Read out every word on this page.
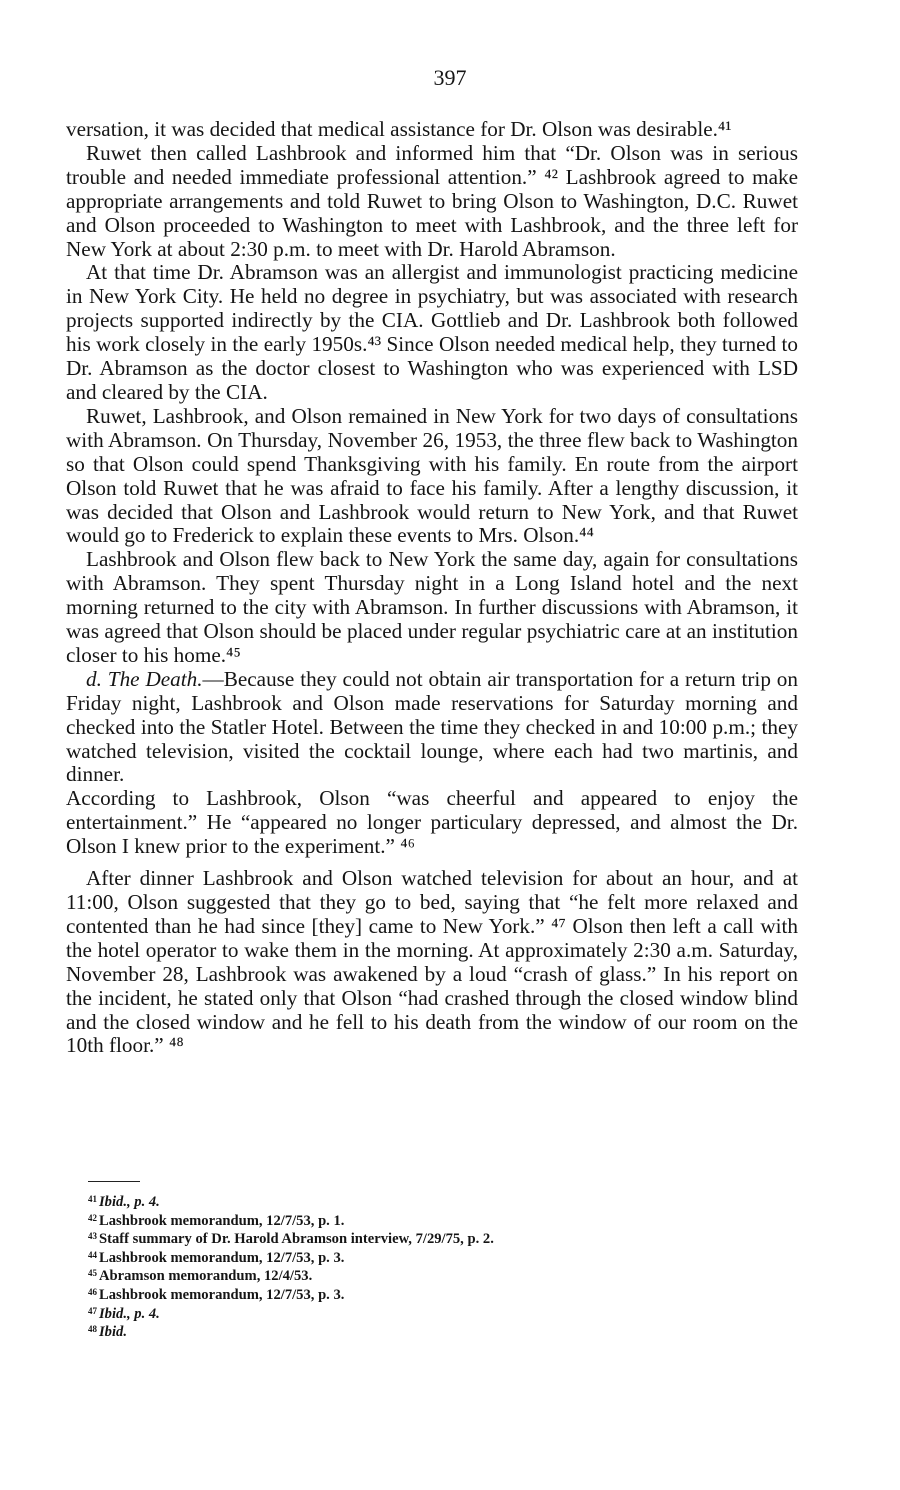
397

versation, it was decided that medical assistance for Dr. Olson was desirable.⁴¹

Ruwet then called Lashbrook and informed him that “Dr. Olson was in serious trouble and needed immediate professional attention.” ⁴² Lashbrook agreed to make appropriate arrangements and told Ruwet to bring Olson to Washington, D.C. Ruwet and Olson proceeded to Washington to meet with Lashbrook, and the three left for New York at about 2:30 p.m. to meet with Dr. Harold Abramson.

At that time Dr. Abramson was an allergist and immunologist practicing medicine in New York City. He held no degree in psychiatry, but was associated with research projects supported indirectly by the CIA. Gottlieb and Dr. Lashbrook both followed his work closely in the early 1950s.⁴³ Since Olson needed medical help, they turned to Dr. Abramson as the doctor closest to Washington who was experienced with LSD and cleared by the CIA.

Ruwet, Lashbrook, and Olson remained in New York for two days of consultations with Abramson. On Thursday, November 26, 1953, the three flew back to Washington so that Olson could spend Thanksgiving with his family. En route from the airport Olson told Ruwet that he was afraid to face his family. After a lengthy discussion, it was decided that Olson and Lashbrook would return to New York, and that Ruwet would go to Frederick to explain these events to Mrs. Olson.⁴⁴

Lashbrook and Olson flew back to New York the same day, again for consultations with Abramson. They spent Thursday night in a Long Island hotel and the next morning returned to the city with Abramson. In further discussions with Abramson, it was agreed that Olson should be placed under regular psychiatric care at an institution closer to his home.⁴⁵

d. The Death.—Because they could not obtain air transportation for a return trip on Friday night, Lashbrook and Olson made reservations for Saturday morning and checked into the Statler Hotel. Between the time they checked in and 10:00 p.m.; they watched television, visited the cocktail lounge, where each had two martinis, and dinner.

According to Lashbrook, Olson “was cheerful and appeared to enjoy the entertainment.” He “appeared no longer particulary depressed, and almost the Dr. Olson I knew prior to the experiment.” ⁴⁶

After dinner Lashbrook and Olson watched television for about an hour, and at 11:00, Olson suggested that they go to bed, saying that “he felt more relaxed and contented than he had since [they] came to New York.” ⁴⁷ Olson then left a call with the hotel operator to wake them in the morning. At approximately 2:30 a.m. Saturday, November 28, Lashbrook was awakened by a loud “crash of glass.” In his report on the incident, he stated only that Olson “had crashed through the closed window blind and the closed window and he fell to his death from the window of our room on the 10th floor.” ⁴⁸

$^{41}$ Ibid., p. 4.

$^{42}$ Lashbrook memorandum, 12/7/53, p. 1.

$^{43}$ Staff summary of Dr. Harold Abramson interview, 7/29/75, p. 2.

$^{44}$ Lashbrook memorandum, 12/7/53, p. 3.

$^{45}$ Abramson memorandum, 12/4/53.

$^{46}$ Lashbrook memorandum, 12/7/53, p. 3.

$^{47}$ Ibid., p. 4.

$^{48}$ Ibid.
